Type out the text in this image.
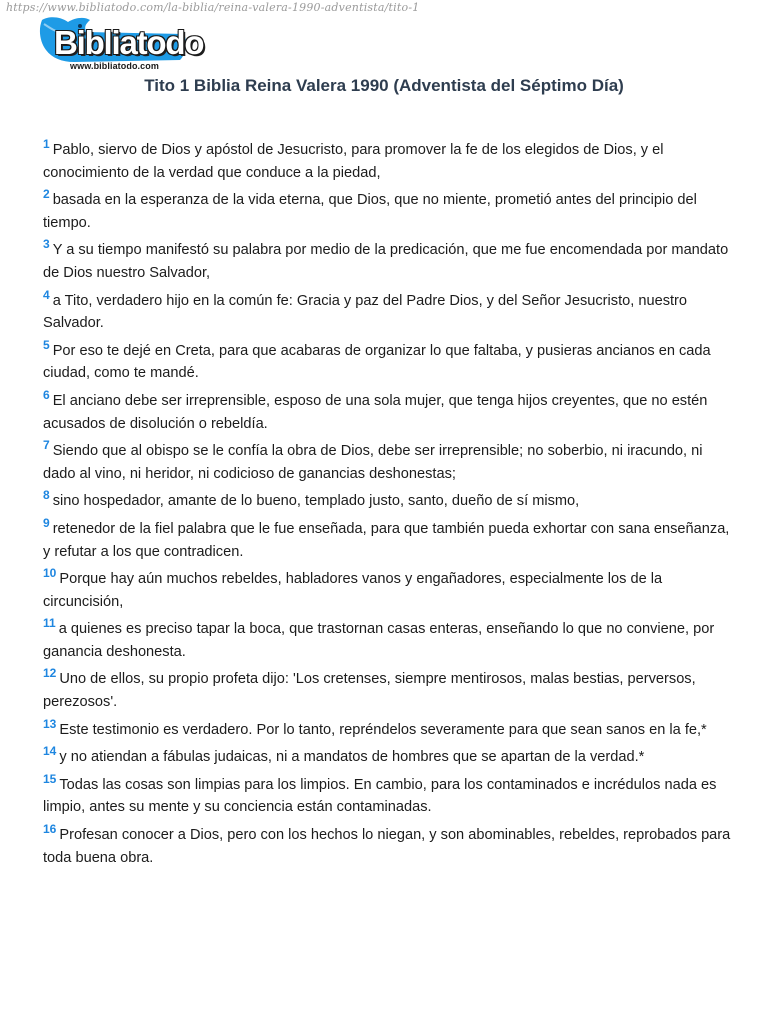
https://www.bibliatodo.com/la-biblia/reina-valera-1990-adventista/tito-1
Bibliatodo
www.bibliatodo.com
Tito 1 Biblia Reina Valera 1990 (Adventista del Séptimo Día)

$^1$ Pablo, siervo de Dios y apóstol de Jesucristo, para promover la fe de los elegidos de Dios, y el conocimiento de la verdad que conduce a la piedad,

$^2$ basada en la esperanza de la vida eterna, que Dios, que no miente, prometió antes del principio del tiempo.

$^3$ Y a su tiempo manifestó su palabra por medio de la predicación, que me fue encomendada por mandato de Dios nuestro Salvador,

$^4$ a Tito, verdadero hijo en la común fe: Gracia y paz del Padre Dios, y del Señor Jesucristo, nuestro Salvador.

$^5$ Por eso te dejé en Creta, para que acabaras de organizar lo que faltaba, y pusieras ancianos en cada ciudad, como te mandé.

$^6$ El anciano debe ser irreprensible, esposo de una sola mujer, que tenga hijos creyentes, que no estén acusados de disolución o rebeldía.

$^7$ Siendo que al obispo se le confía la obra de Dios, debe ser irreprensible; no soberbio, ni iracundo, ni dado al vino, ni heridor, ni codicioso de ganancias deshonestas;

$^8$ sino hospedador, amante de lo bueno, templado justo, santo, dueño de sí mismo,

$^9$ retenedor de la fiel palabra que le fue enseñada, para que también pueda exhortar con sana enseñanza, y refutar a los que contradicen.

$^{10}$ Porque hay aún muchos rebeldes, habladores vanos y engañadores, especialmente los de la circuncisión,

$^{11}$ a quienes es preciso tapar la boca, que trastornan casas enteras, enseñando lo que no conviene, por ganancia deshonesta.

$^{12}$ Uno de ellos, su propio profeta dijo: 'Los cretenses, siempre mentirosos, malas bestias, perversos, perezosos'.

$^{13}$ Este testimonio es verdadero. Por lo tanto, repréndelos severamente para que sean sanos en la fe,*

$^{14}$ y no atiendan a fábulas judaicas, ni a mandatos de hombres que se apartan de la verdad.*

$^{15}$ Todas las cosas son limpias para los limpios. En cambio, para los contaminados e incrédulos nada es limpio, antes su mente y su conciencia están contaminadas.

$^{16}$ Profesan conocer a Dios, pero con los hechos lo niegan, y son abominables, rebeldes, reprobados para toda buena obra.
